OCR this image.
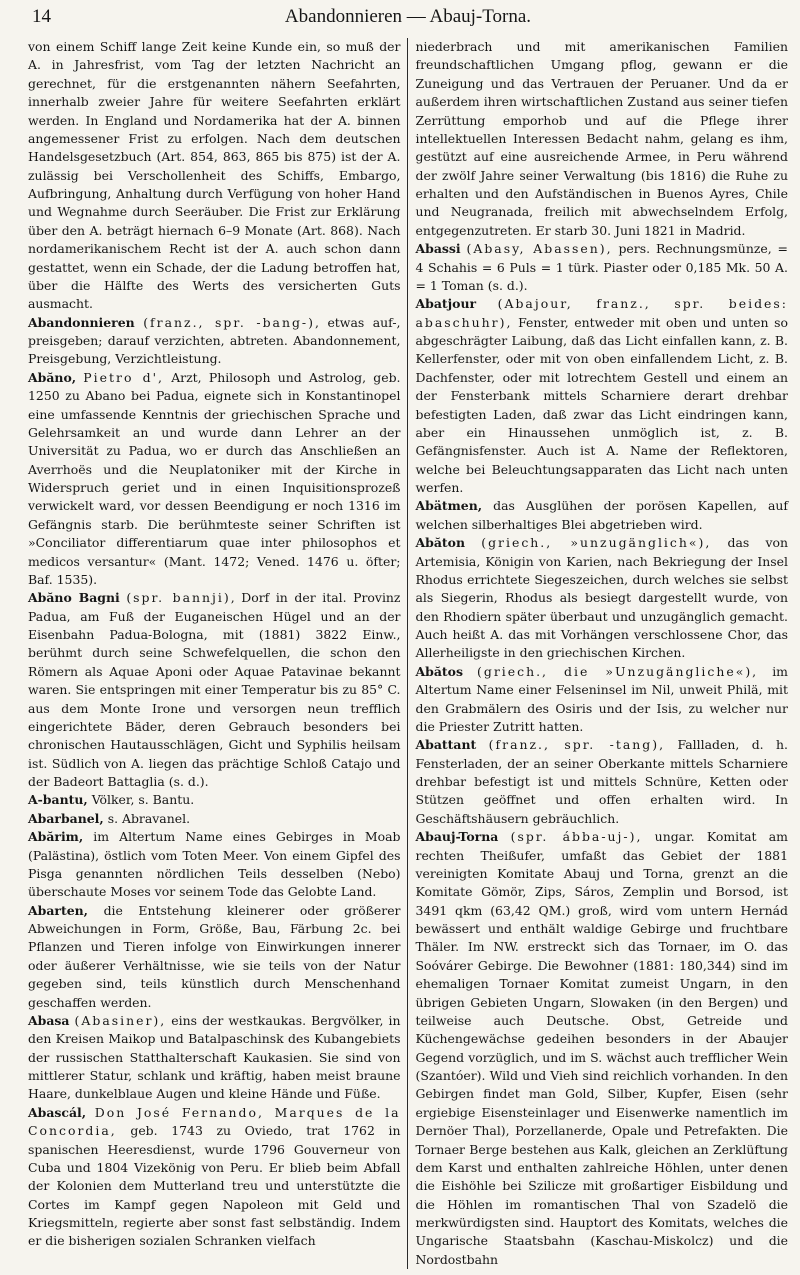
14	Abandonnieren — Abauj-Torna.

von einem Schiff lange Zeit keine Kunde ein, so muß der A. in Jahresfrist, vom Tag der letzten Nachricht an gerechnet, für die erstgenannten nähern Seefahrten, innerhalb zweier Jahre für weitere Seefahrten erklärt werden. In England und Nordamerika hat der A. binnen angemessener Frist zu erfolgen. Nach dem deutschen Handelsgesetzbuch (Art. 854, 863, 865 bis 875) ist der A. zulässig bei Verschollenheit des Schiffs, Embargo, Aufbringung, Anhaltung durch Verfügung von hoher Hand und Wegnahme durch Seeräuber. Die Frist zur Erklärung über den A. beträgt hiernach 6–9 Monate (Art. 868). Nach nordamerikanischem Recht ist der A. auch schon dann gestattet, wenn ein Schade, der die Ladung betroffen hat, über die Hälfte des Werts des versicherten Guts ausmacht.

Abandonnieren (franz., spr. -bang-), etwas auf-, preisgeben; darauf verzichten, abtreten. Abandonnement, Preisgebung, Verzichtleistung.

Abăno, Pietro d', Arzt, Philosoph und Astrolog, geb. 1250 zu Abano bei Padua, eignete sich in Konstantinopel eine umfassende Kenntnis der griechischen Sprache und Gelehrsamkeit an und wurde dann Lehrer an der Universität zu Padua, wo er durch das Anschließen an Averrhoës und die Neuplatoniker mit der Kirche in Widerspruch geriet und in einen Inquisitionsprozeß verwickelt ward, vor dessen Beendigung er noch 1316 im Gefängnis starb. Die berühmteste seiner Schriften ist »Conciliator differentiarum quae inter philosophos et medicos versantur« (Mant. 1472; Vened. 1476 u. öfter; Baf. 1535).

Abăno Bagni (spr. bannji), Dorf in der ital. Provinz Padua, am Fuß der Euganeischen Hügel und an der Eisenbahn Padua-Bologna, mit (1881) 3822 Einw., berühmt durch seine Schwefelquellen, die schon den Römern als Aquae Aponi oder Aquae Patavinae bekannt waren. Sie entspringen mit einer Temperatur bis zu 85° C. aus dem Monte Irone und versorgen neun trefflich eingerichtete Bäder, deren Gebrauch besonders bei chronischen Hautausschlägen, Gicht und Syphilis heilsam ist. Südlich von A. liegen das prächtige Schloß Catajo und der Badeort Battaglia (s. d.).

A-bantu, Völker, s. Bantu.

Abarbanel, s. Abravanel.

Abărim, im Altertum Name eines Gebirges in Moab (Palästina), östlich vom Toten Meer. Von einem Gipfel des Pisga genannten nördlichen Teils desselben (Nebo) überschaute Moses vor seinem Tode das Gelobte Land.

Abarten, die Entstehung kleinerer oder größerer Abweichungen in Form, Größe, Bau, Färbung 2c. bei Pflanzen und Tieren infolge von Einwirkungen innerer oder äußerer Verhältnisse, wie sie teils von der Natur gegeben sind, teils künstlich durch Menschenhand geschaffen werden.

Abasa (Abasiner), eins der westkaukas. Bergvölker, in den Kreisen Maikop und Batalpaschinsk des Kubangebiets der russischen Statthalterschaft Kaukasien. Sie sind von mittlerer Statur, schlank und kräftig, haben meist braune Haare, dunkelblaue Augen und kleine Hände und Füße.

Abascál, Don José Fernando, Marques de la Concordia, geb. 1743 zu Oviedo, trat 1762 in spanischen Heeresdienst, wurde 1796 Gouverneur von Cuba und 1804 Vizekönig von Peru. Er blieb beim Abfall der Kolonien dem Mutterland treu und unterstützte die Cortes im Kampf gegen Napoleon mit Geld und Kriegsmitteln, regierte aber sonst fast selbständig. Indem er die bisherigen sozialen Schranken vielfach

niederbrach und mit amerikanischen Familien freundschaftlichen Umgang pflog, gewann er die Zuneigung und das Vertrauen der Peruaner. Und da er außerdem ihren wirtschaftlichen Zustand aus seiner tiefen Zerrüttung emporhob und auf die Pflege ihrer intellektuellen Interessen Bedacht nahm, gelang es ihm, gestützt auf eine ausreichende Armee, in Peru während der zwölf Jahre seiner Verwaltung (bis 1816) die Ruhe zu erhalten und den Aufständischen in Buenos Ayres, Chile und Neugranada, freilich mit abwechselndem Erfolg, entgegenzutreten. Er starb 30. Juni 1821 in Madrid.

Abassi (Abasy, Abassen), pers. Rechnungsmünze, = 4 Schahis = 6 Puls = 1 türk. Piaster oder 0,185 Mk. 50 A. = 1 Toman (s. d.).

Abatjour (Abajour, franz., spr. beides: abaschuhr), Fenster, entweder mit oben und unten so abgeschrägter Laibung, daß das Licht einfallen kann, z. B. Kellerfenster, oder mit von oben einfallendem Licht, z. B. Dachfenster, oder mit lotrechtem Gestell und einem an der Fensterbank mittels Scharniere derart drehbar befestigten Laden, daß zwar das Licht eindringen kann, aber ein Hinaussehen unmöglich ist, z. B. Gefängnisfenster. Auch ist A. Name der Reflektoren, welche bei Beleuchtungsapparaten das Licht nach unten werfen.

Abätmen, das Ausglühen der porösen Kapellen, auf welchen silberhaltiges Blei abgetrieben wird.

Abăton (griech., »unzugänglich«), das von Artemisia, Königin von Karien, nach Bekriegung der Insel Rhodus errichtete Siegeszeichen, durch welches sie selbst als Siegerin, Rhodus als besiegt dargestellt wurde, von den Rhodiern später überbaut und unzugänglich gemacht. Auch heißt A. das mit Vorhängen verschlossene Chor, das Allerheiligste in den griechischen Kirchen.

Abătos (griech., die »Unzugängliche«), im Altertum Name einer Felseninsel im Nil, unweit Philä, mit den Grabmälern des Osiris und der Isis, zu welcher nur die Priester Zutritt hatten.

Abattant (franz., spr. -tang), Fallladen, d. h. Fensterladen, der an seiner Oberkante mittels Scharniere drehbar befestigt ist und mittels Schnüre, Ketten oder Stützen geöffnet und offen erhalten wird. In Geschäftshäusern gebräuchlich.

Abauj-Torna (spr. ábba-uj-), ungar. Komitat am rechten Theißufer, umfaßt das Gebiet der 1881 vereinigten Komitate Abauj und Torna, grenzt an die Komitate Gömör, Zips, Sáros, Zemplin und Borsod, ist 3491 qkm (63,42 QM.) groß, wird vom untern Hernád bewässert und enthält waldige Gebirge und fruchtbare Thäler. Im NW. erstreckt sich das Tornaer, im O. das Soóvárer Gebirge. Die Bewohner (1881: 180,344) sind im ehemaligen Tornaer Komitat zumeist Ungarn, in den übrigen Gebieten Ungarn, Slowaken (in den Bergen) und teilweise auch Deutsche. Obst, Getreide und Küchengewächse gedeihen besonders in der Abaujer Gegend vorzüglich, und im S. wächst auch trefflicher Wein (Szantóer). Wild und Vieh sind reichlich vorhanden. In den Gebirgen findet man Gold, Silber, Kupfer, Eisen (sehr ergiebige Eisensteinlager und Eisenwerke namentlich im Dernöer Thal), Porzellanerde, Opale und Petrefakten. Die Tornaer Berge bestehen aus Kalk, gleichen an Zerklüftung dem Karst und enthalten zahlreiche Höhlen, unter denen die Eishöhle bei Szilicze mit großartiger Eisbildung und die Höhlen im romantischen Thal von Szadelö die merkwürdigsten sind. Hauptort des Komitats, welches die Ungarische Staatsbahn (Kaschau-Miskolcz) und die Nordostbahn
